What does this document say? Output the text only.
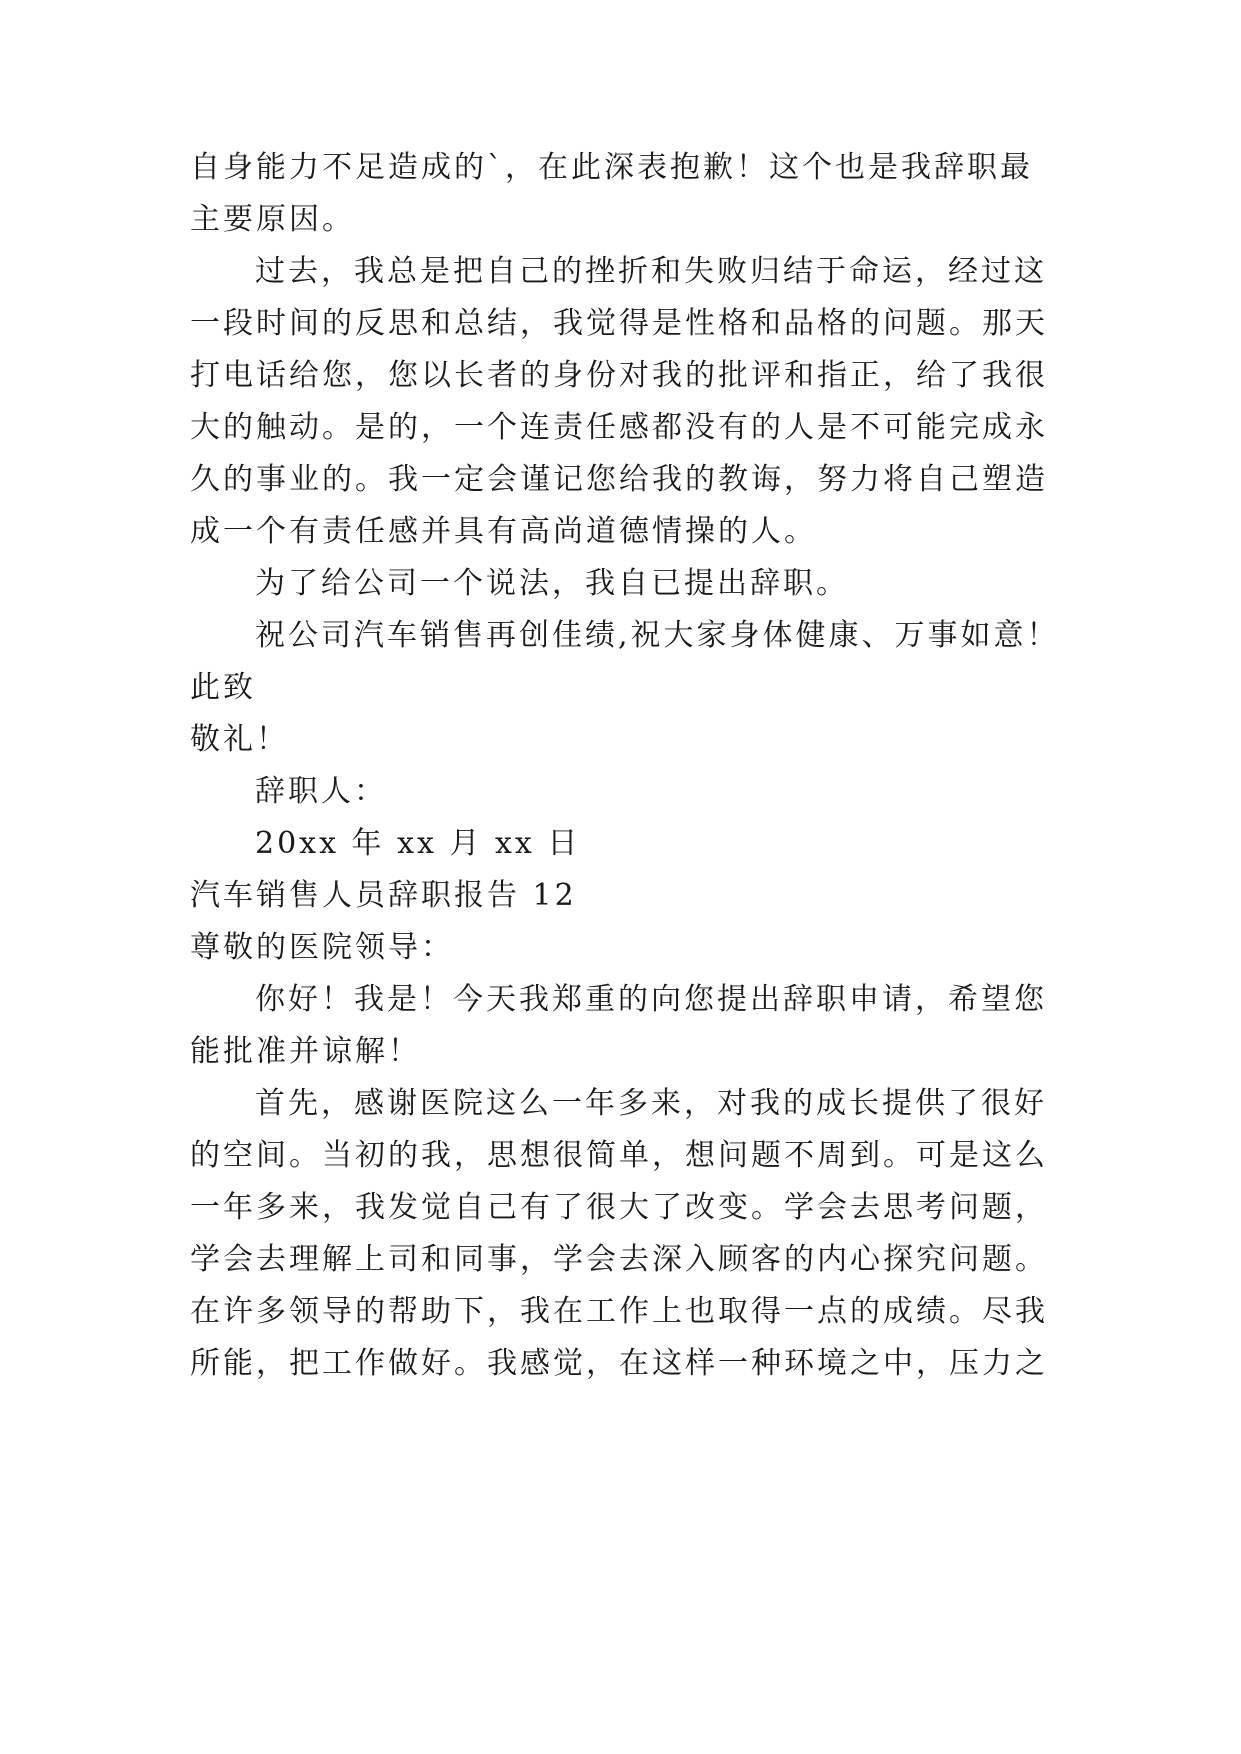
自身能力不足造成的`，在此深表抱歉！这个也是我辞职最
主要原因。
过去，我总是把自己的挫折和失败归结于命运，经过这
一段时间的反思和总结，我觉得是性格和品格的问题。那天
打电话给您，您以长者的身份对我的批评和指正，给了我很
大的触动。是的，一个连责任感都没有的人是不可能完成永
久的事业的。我一定会谨记您给我的教诲，努力将自己塑造
成一个有责任感并具有高尚道德情操的人。
为了给公司一个说法，我自已提出辞职。
祝公司汽车销售再创佳绩,祝大家身体健康、万事如意！
此致
敬礼！
辞职人：
20xx 年 xx 月 xx 日
汽车销售人员辞职报告 12
尊敬的医院领导：
你好！我是！今天我郑重的向您提出辞职申请，希望您
能批准并谅解！
首先，感谢医院这么一年多来，对我的成长提供了很好
的空间。当初的我，思想很简单，想问题不周到。可是这么
一年多来，我发觉自己有了很大了改变。学会去思考问题，
学会去理解上司和同事，学会去深入顾客的内心探究问题。
在许多领导的帮助下，我在工作上也取得一点的成绩。尽我
所能，把工作做好。我感觉，在这样一种环境之中，压力之
